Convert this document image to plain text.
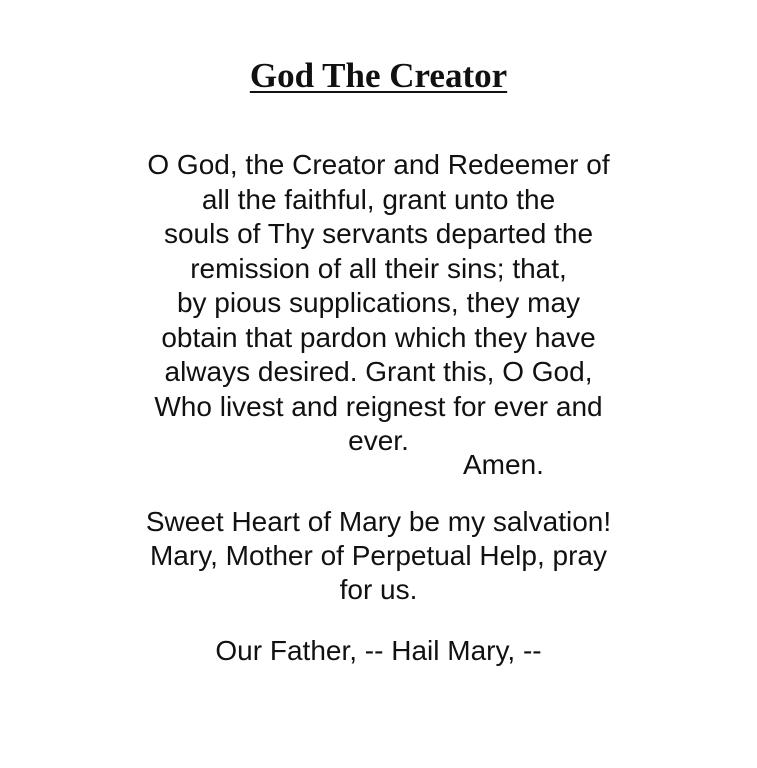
God The Creator
O God, the Creator and Redeemer of
all the faithful, grant unto the
souls of Thy servants departed the
remission of all their sins; that,
by pious supplications, they may
obtain that pardon which they have
always desired. Grant this, O God,
Who livest and reignest for ever and
ever.
Amen.
Sweet Heart of Mary be my salvation!
Mary, Mother of Perpetual Help, pray
for us.
Our Father, -- Hail Mary, --
